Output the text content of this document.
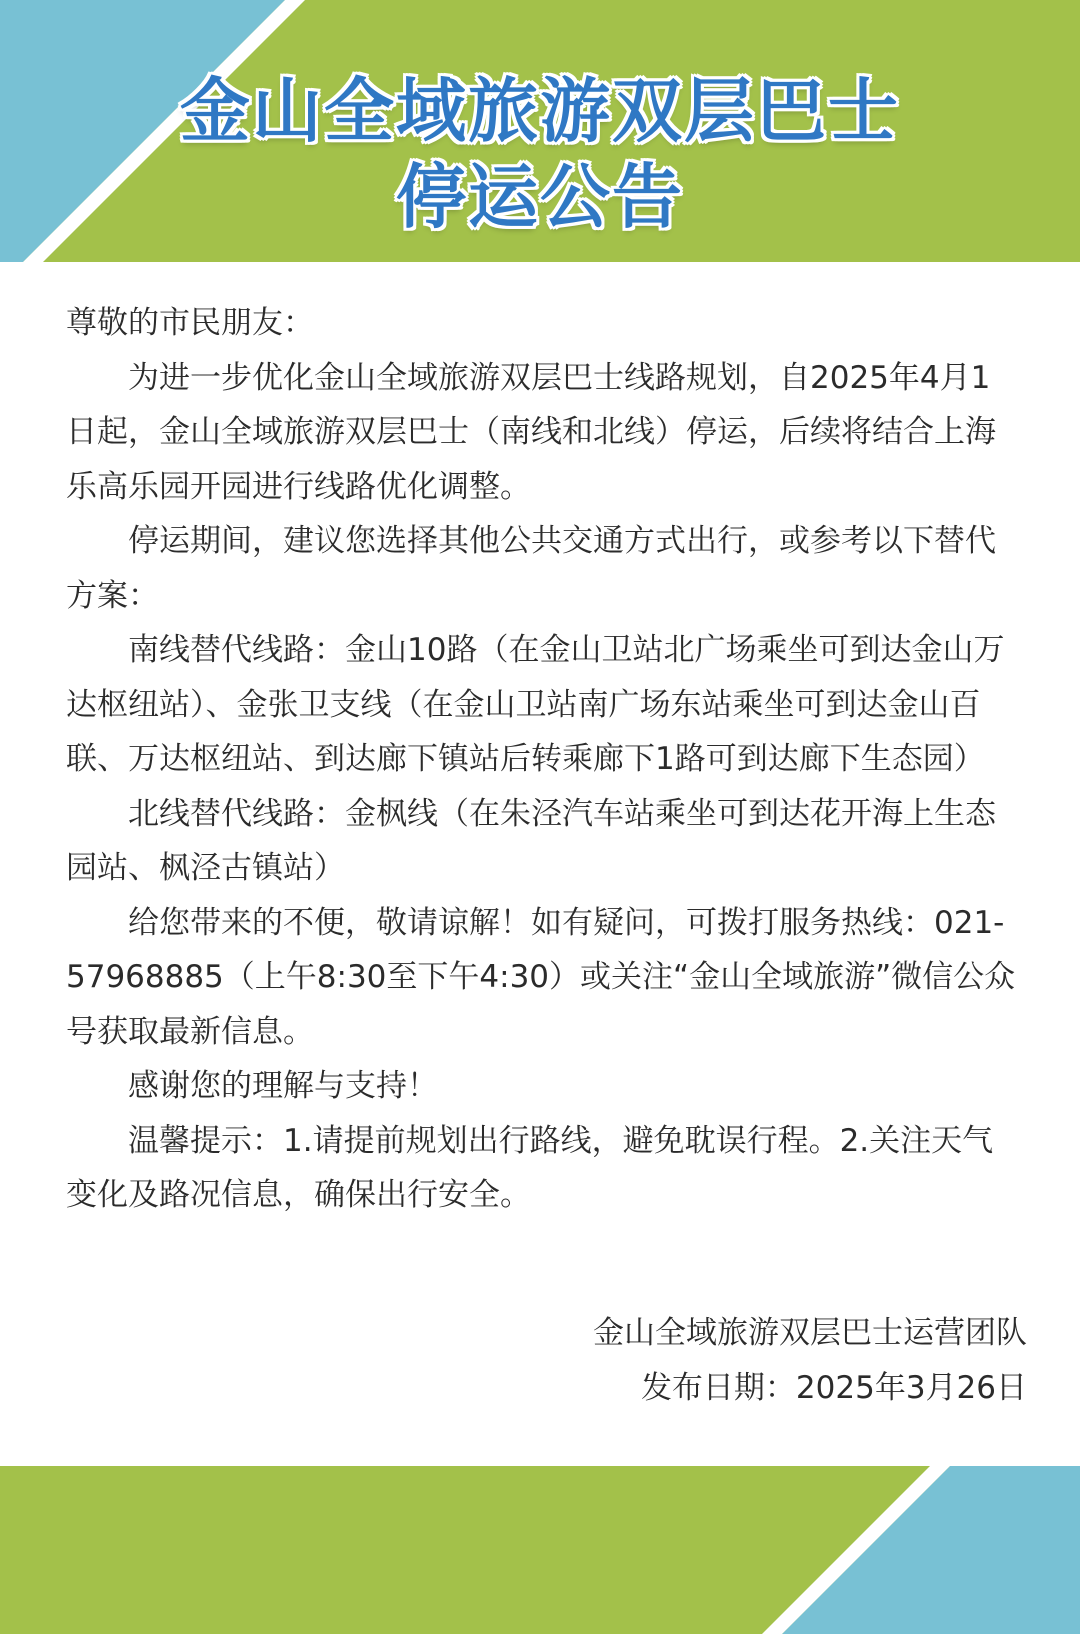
金山全域旅游双层巴士
停运公告

尊敬的市民朋友：

为进一步优化金山全域旅游双层巴士线路规划，自2025年4月1日起，金山全域旅游双层巴士（南线和北线）停运，后续将结合上海乐高乐园开园进行线路优化调整。

停运期间，建议您选择其他公共交通方式出行，或参考以下替代方案：

南线替代线路：金山10路（在金山卫站北广场乘坐可到达金山万达枢纽站）、金张卫支线（在金山卫站南广场东站乘坐可到达金山百联、万达枢纽站、到达廊下镇站后转乘廊下1路可到达廊下生态园）

北线替代线路：金枫线（在朱泾汽车站乘坐可到达花开海上生态园站、枫泾古镇站）

给您带来的不便，敬请谅解！如有疑问，可拨打服务热线：021-57968885（上午8:30至下午4:30）或关注“金山全域旅游”微信公众号获取最新信息。

感谢您的理解与支持！

温馨提示：1.请提前规划出行路线，避免耽误行程。2.关注天气变化及路况信息，确保出行安全。

金山全域旅游双层巴士运营团队
发布日期：2025年3月26日
